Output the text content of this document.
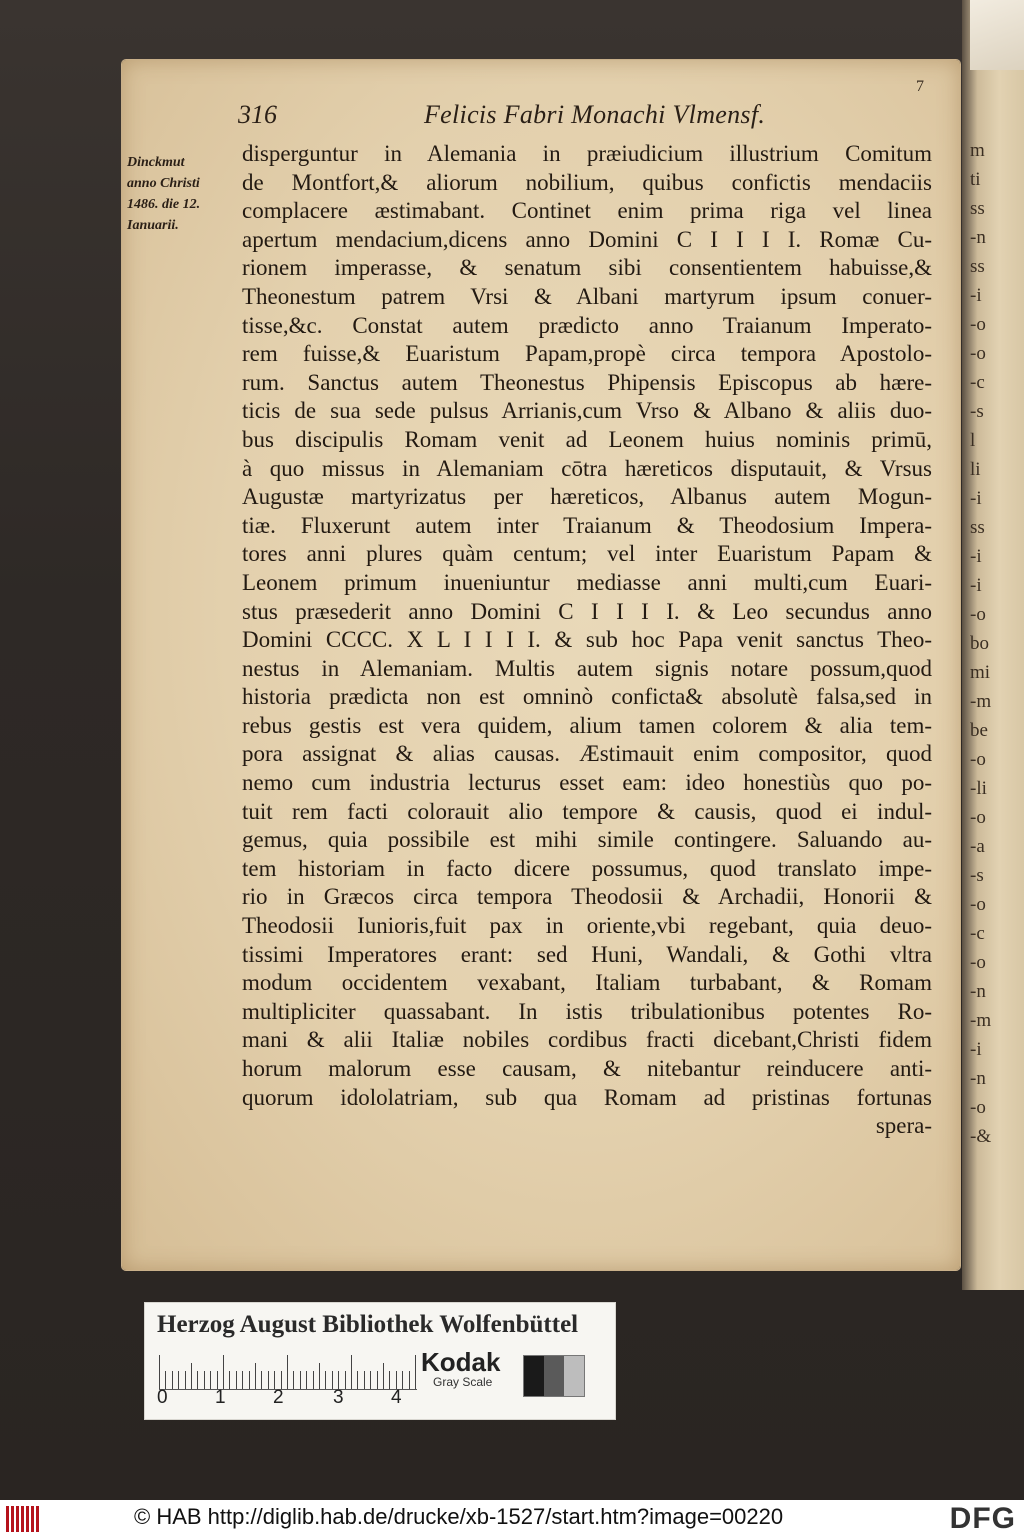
m
ti
ss
-n
ss
-i
-o
-o
-c
-s
l
li
-i
ss
-i
-i
-o
bo
mi
-m
be
-o
-li
-o
-a
-s
-o
-c
-o
-n
-m
-i
-n
-o
-&
316	Felicis Fabri Monachi Vlmensf.
7
Dinckmut
anno Christi
1486. die 12.
Ianuarii.
disperguntur in Alemania in præiudicium illustrium Comitum
de Montfort,& aliorum nobilium, quibus confictis mendaciis
complacere æstimabant. Continet enim prima riga vel linea
apertum mendacium,dicens anno Domini C I I I I. Romæ Cu-
rionem imperasse, & senatum sibi consentientem habuisse,&
Theonestum patrem Vrsi & Albani martyrum ipsum conuer-
tisse,&c. Constat autem prædicto anno Traianum Imperato-
rem fuisse,& Euaristum Papam,propè circa tempora Apostolo-
rum. Sanctus autem Theonestus Phipensis Episcopus ab hære-
ticis de sua sede pulsus Arrianis,cum Vrso & Albano & aliis duo-
bus discipulis Romam venit ad Leonem huius nominis primū,
à quo missus in Alemaniam cōtra hæreticos disputauit, & Vrsus
Augustæ martyrizatus per hæreticos, Albanus autem Mogun-
tiæ. Fluxerunt autem inter Traianum & Theodosium Impera-
tores anni plures quàm centum; vel inter Euaristum Papam &
Leonem primum inueniuntur mediasse anni multi,cum Euari-
stus præsederit anno Domini C I I I I. & Leo secundus anno
Domini CCCC. X L I I I I. & sub hoc Papa venit sanctus Theo-
nestus in Alemaniam. Multis autem signis notare possum,quod
historia prædicta non est omninò conficta& absolutè falsa,sed in
rebus gestis est vera quidem, alium tamen colorem & alia tem-
pora assignat & alias causas. Æstimauit enim compositor, quod
nemo cum industria lecturus esset eam: ideo honestiùs quo po-
tuit rem facti colorauit alio tempore & causis, quod ei indul-
gemus, quia possibile est mihi simile contingere. Saluando au-
tem historiam in facto dicere possumus, quod translato impe-
rio in Græcos circa tempora Theodosii & Archadii, Honorii &
Theodosii Iunioris,fuit pax in oriente,vbi regebant, quia deuo-
tissimi Imperatores erant: sed Huni, Wandali, & Gothi vltra
modum occidentem vexabant, Italiam turbabant, & Romam
multipliciter quassabant. In istis tribulationibus potentes Ro-
mani & alii Italiæ nobiles cordibus fracti dicebant,Christi fidem
horum malorum esse causam, & nitebantur reinducere anti-
quorum idololatriam, sub qua Romam ad pristinas fortunas
spera-
Herzog August Bibliothek Wolfenbüttel
0 1 2	3 4
Kodak
Gray Scale
© HAB http://diglib.hab.de/drucke/xb-1527/start.htm?image=00220	DFG
